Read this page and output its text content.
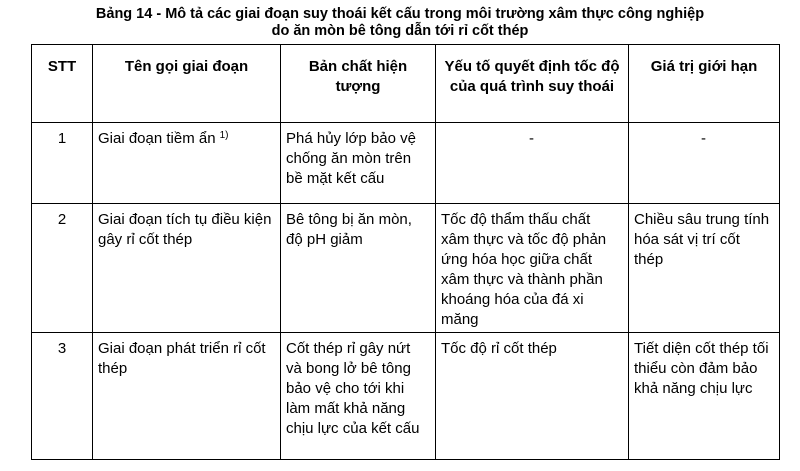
Bảng 14 - Mô tả các giai đoạn suy thoái kết cấu trong môi trường xâm thực công nghiệp
do ăn mòn bê tông dẫn tới rỉ cốt thép
STT	Tên gọi giai đoạn	Bản chất hiện tượng	Yếu tố quyết định tốc độ của quá trình suy thoái	Giá trị giới hạn
1	Giai đoạn tiềm ẩn $^{1)}$	Phá hủy lớp bảo vệ chống ăn mòn trên bề mặt kết cấu	-	-
2	Giai đoạn tích tụ điều kiện gây rỉ cốt thép	Bê tông bị ăn mòn, độ pH giảm	Tốc độ thẩm thấu chất xâm thực và tốc độ phản ứng hóa học giữa chất xâm thực và thành phần khoáng hóa của đá xi măng	Chiều sâu trung tính hóa sát vị trí cốt thép
3	Giai đoạn phát triển rỉ cốt thép	Cốt thép rỉ gây nứt và bong lở bê tông bảo vệ cho tới khi làm mất khả năng chịu lực của kết cấu	Tốc độ rỉ cốt thép	Tiết diện cốt thép tối thiểu còn đảm bảo khả năng chịu lực
